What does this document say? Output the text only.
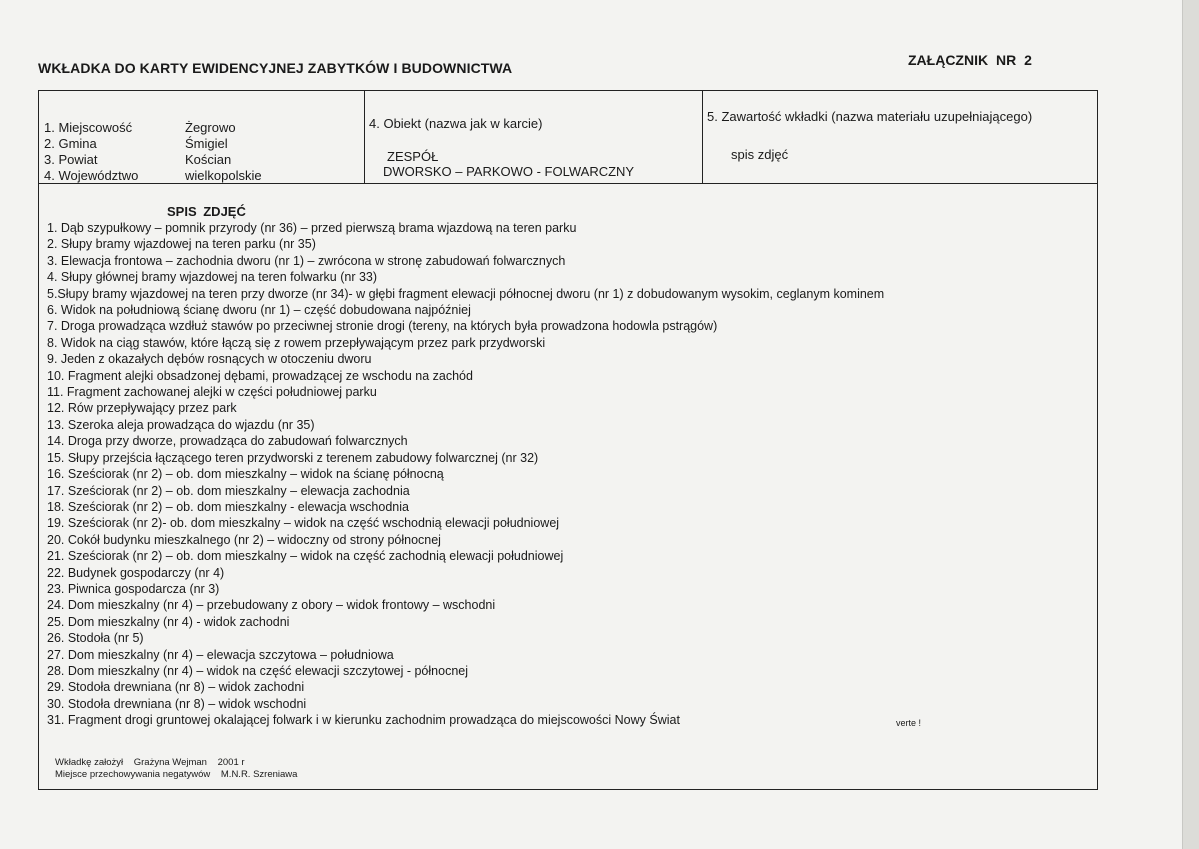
WKŁADKA DO KARTY EWIDENCYJNEJ ZABYTKÓW I BUDOWNICTWA	ZAŁĄCZNIK NR 2
1. Miejscowość	Żegrowo
2. Gmina	Śmigiel
3. Powiat	Kościan
4. Województwo	wielkopolskie
4. Obiekt (nazwa jak w karcie)
ZESPÓŁ
DWORSKO – PARKOWO - FOLWARCZNY
5. Zawartość wkładki (nazwa materiału uzupełniającego)
spis zdjęć
SPIS ZDJĘĆ
1. Dąb szypułkowy – pomnik przyrody (nr 36) – przed pierwszą brama wjazdową na teren parku
2. Słupy bramy wjazdowej na teren parku (nr 35)
3. Elewacja frontowa – zachodnia dworu (nr 1) – zwrócona w stronę zabudowań folwarcznych
4. Słupy głównej bramy wjazdowej na teren folwarku (nr 33)
5.Słupy bramy wjazdowej na teren przy dworze (nr 34)- w głębi fragment elewacji północnej dworu (nr 1) z dobudowanym wysokim, ceglanym kominem
6. Widok na południową ścianę dworu (nr 1) – część dobudowana najpóźniej
7. Droga prowadząca wzdłuż stawów po przeciwnej stronie drogi (tereny, na których była prowadzona hodowla pstrągów)
8. Widok na ciąg stawów, które łączą się z rowem przepływającym przez park przydworski
9. Jeden z okazałych dębów rosnących w otoczeniu dworu
10. Fragment alejki obsadzonej dębami, prowadzącej ze wschodu na zachód
11. Fragment zachowanej alejki w części południowej parku
12. Rów przepływający przez park
13. Szeroka aleja prowadząca do wjazdu (nr 35)
14. Droga przy dworze, prowadząca do zabudowań folwarcznych
15. Słupy przejścia łączącego teren przydworski z terenem zabudowy folwarcznej (nr 32)
16. Sześciorak (nr 2) – ob. dom mieszkalny – widok na ścianę północną
17. Sześciorak (nr 2) – ob. dom mieszkalny – elewacja zachodnia
18. Sześciorak (nr 2) – ob. dom mieszkalny - elewacja wschodnia
19. Sześciorak (nr 2)- ob. dom mieszkalny – widok na część wschodnią elewacji południowej
20. Cokół budynku mieszkalnego (nr 2) – widoczny od strony północnej
21. Sześciorak (nr 2) – ob. dom mieszkalny – widok na część zachodnią elewacji południowej
22. Budynek gospodarczy (nr 4)
23. Piwnica gospodarcza (nr 3)
24. Dom mieszkalny (nr 4) – przebudowany z obory – widok frontowy – wschodni
25. Dom mieszkalny (nr 4) - widok zachodni
26. Stodoła (nr 5)
27. Dom mieszkalny (nr 4) – elewacja szczytowa – południowa
28. Dom mieszkalny (nr 4) – widok na część elewacji szczytowej - północnej
29. Stodoła drewniana (nr 8) – widok zachodni
30. Stodoła drewniana (nr 8) – widok wschodni
31. Fragment drogi gruntowej okalającej folwark i w kierunku zachodnim prowadząca do miejscowości Nowy Świat	verte !
Wkładkę założył Grażyna Wejman 2001 r
Miejsce przechowywania negatywów M.N.R. Szreniawa
